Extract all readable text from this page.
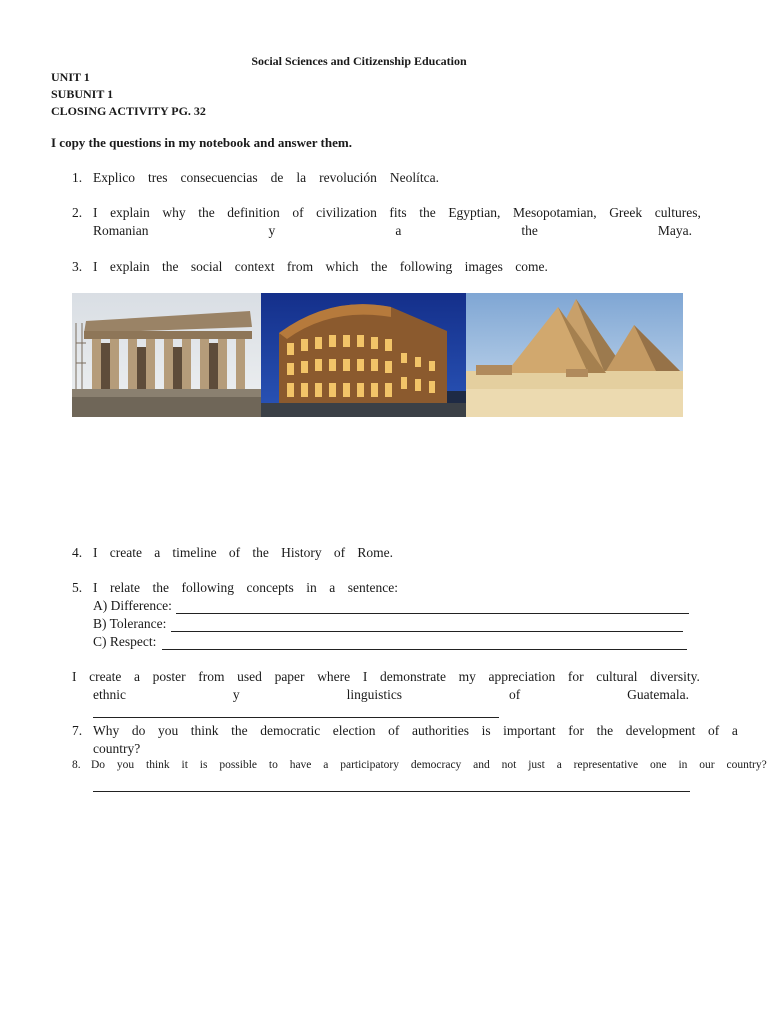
Social Sciences and Citizenship Education
UNIT 1
SUBUNIT 1
CLOSING ACTIVITY PG. 32
I copy the questions in my notebook and answer them.
1. Explico tres consecuencias de la revolución Neolítca.
2. I explain why the definition of civilization fits the Egyptian, Mesopotamian, Greek cultures,
Romanian	y	a	the	Maya.
3. I explain the social context from which the following images come.
4. I create a timeline of the History of Rome.
5. I relate the following concepts in a sentence:
A) Difference:
B) Tolerance:
C) Respect:
I create a poster from used paper where I demonstrate my appreciation for cultural diversity.
ethnic	y	linguistics	of	Guatemala.
7. Why do you think the democratic election of authorities is important for the development of a
country?
8. Do you think it is possible to have a participatory democracy and not just a representative one in our country?
